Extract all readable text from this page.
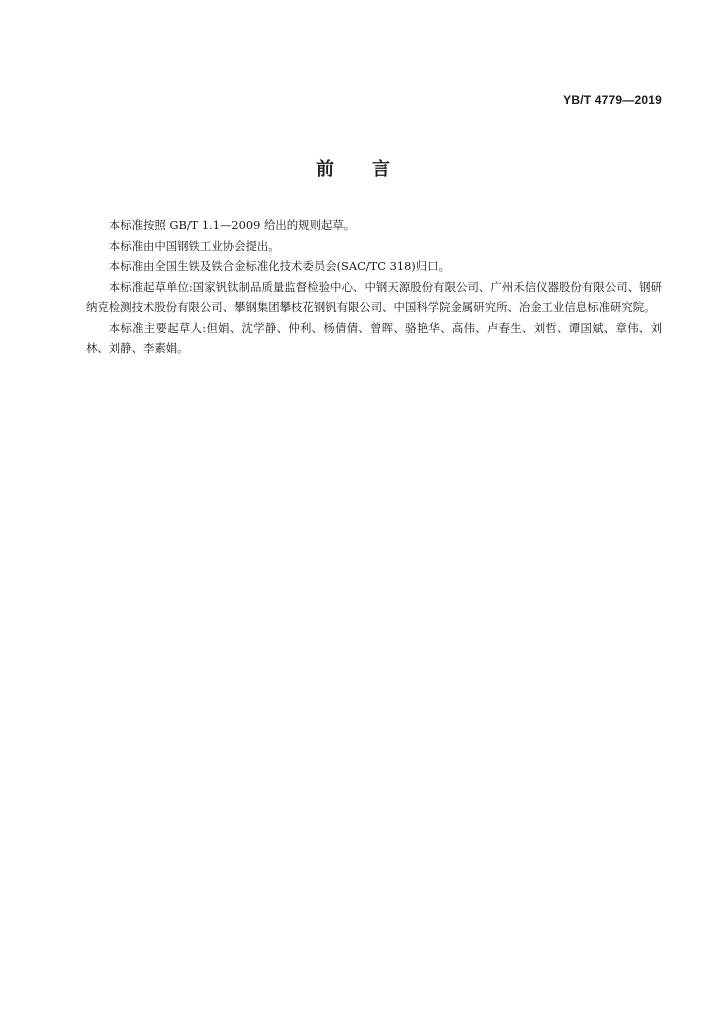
YB/T 4779—2019
前言

本标准按照 GB/T 1.1—2009 给出的规则起草。

本标准由中国钢铁工业协会提出。

本标准由全国生铁及铁合金标准化技术委员会(SAC/TC 318)归口。

本标准起草单位:国家钒钛制品质量监督检验中心、中钢天源股份有限公司、广州禾信仪器股份有限公司、钢研纳克检测技术股份有限公司、攀钢集团攀枝花钢钒有限公司、中国科学院金属研究所、冶金工业信息标准研究院。

本标准主要起草人:但娟、沈学静、仲利、杨倩倩、曾晖、骆艳华、高伟、卢春生、刘哲、谭国斌、章伟、刘林、刘静、李素娟。
